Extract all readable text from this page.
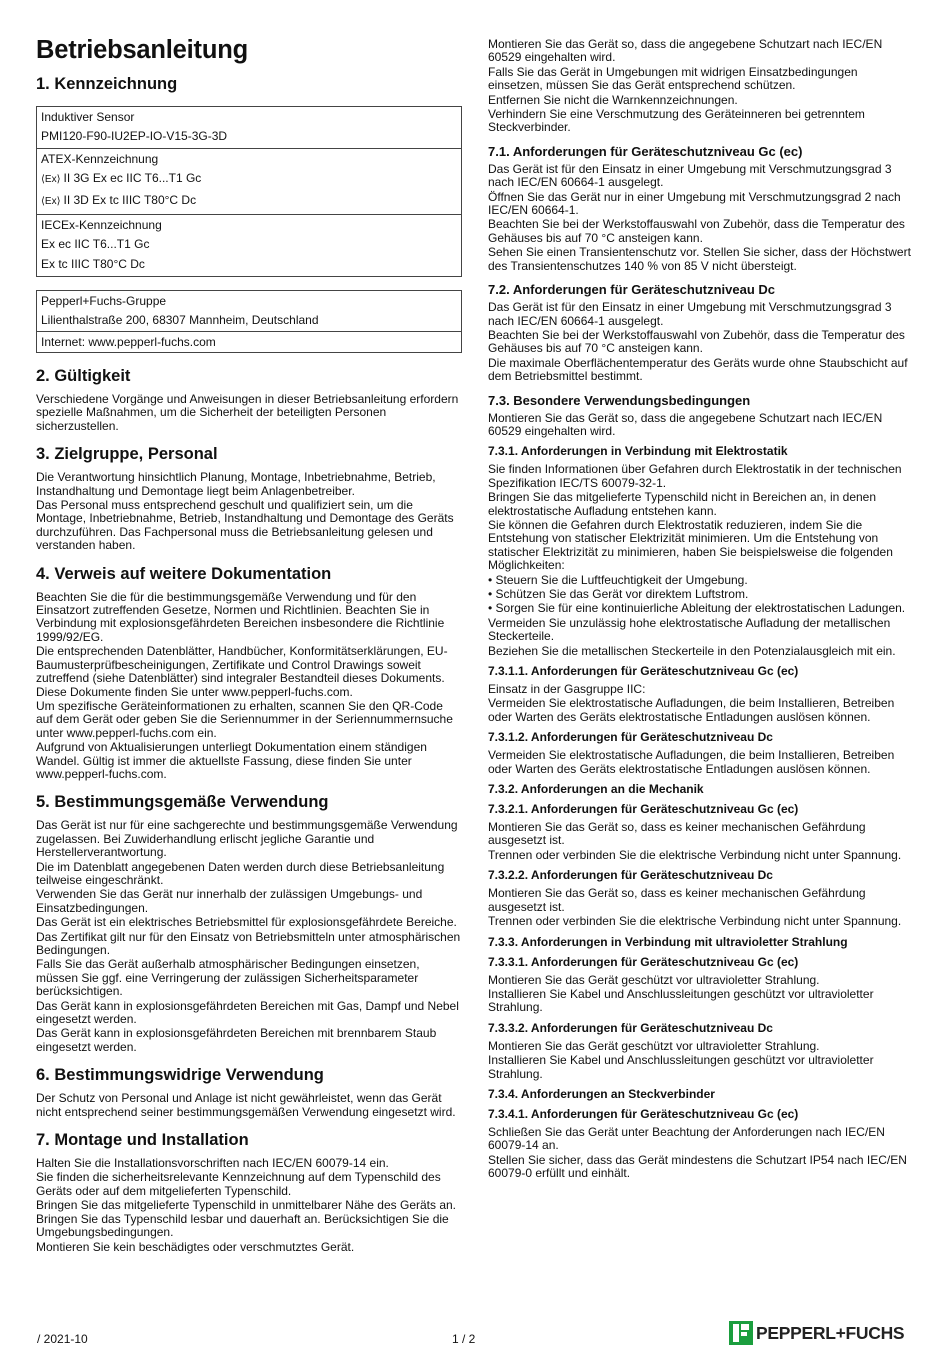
Betriebsanleitung
1. Kennzeichnung
Induktiver Sensor
PMI120-F90-IU2EP-IO-V15-3G-3D

ATEX-Kennzeichnung
⟨Ex⟩ II 3G Ex ec IIC T6...T1 Gc
⟨Ex⟩ II 3D Ex tc IIIC T80°C Dc

IECEx-Kennzeichnung
Ex ec IIC T6...T1 Gc
Ex tc IIIC T80°C Dc
Pepperl+Fuchs-Gruppe
Lilienthalstraße 200, 68307 Mannheim, Deutschland

Internet: www.pepperl-fuchs.com
2. Gültigkeit

Verschiedene Vorgänge und Anweisungen in dieser Betriebsanleitung erfordern spezielle Maßnahmen, um die Sicherheit der beteiligten Personen sicherzustellen.

3. Zielgruppe, Personal

Die Verantwortung hinsichtlich Planung, Montage, Inbetriebnahme, Betrieb, Instandhaltung und Demontage liegt beim Anlagenbetreiber.

Das Personal muss entsprechend geschult und qualifiziert sein, um die Montage, Inbetriebnahme, Betrieb, Instandhaltung und Demontage des Geräts durchzuführen. Das Fachpersonal muss die Betriebsanleitung gelesen und verstanden haben.

4. Verweis auf weitere Dokumentation

Beachten Sie die für die bestimmungsgemäße Verwendung und für den Einsatzort zutreffenden Gesetze, Normen und Richtlinien. Beachten Sie in Verbindung mit explosionsgefährdeten Bereichen insbesondere die Richtlinie 1999/92/EG.

Die entsprechenden Datenblätter, Handbücher, Konformitätserklärungen, EU-Baumusterprüfbescheinigungen, Zertifikate und Control Drawings soweit zutreffend (siehe Datenblätter) sind integraler Bestandteil dieses Dokuments. Diese Dokumente finden Sie unter www.pepperl-fuchs.com.

Um spezifische Geräteinformationen zu erhalten, scannen Sie den QR-Code auf dem Gerät oder geben Sie die Seriennummer in der Seriennummernsuche unter www.pepperl-fuchs.com ein.

Aufgrund von Aktualisierungen unterliegt Dokumentation einem ständigen Wandel. Gültig ist immer die aktuellste Fassung, diese finden Sie unter www.pepperl-fuchs.com.

5. Bestimmungsgemäße Verwendung

Das Gerät ist nur für eine sachgerechte und bestimmungsgemäße Verwendung zugelassen. Bei Zuwiderhandlung erlischt jegliche Garantie und Herstellerverantwortung.

Die im Datenblatt angegebenen Daten werden durch diese Betriebsanleitung teilweise eingeschränkt.

Verwenden Sie das Gerät nur innerhalb der zulässigen Umgebungs- und Einsatzbedingungen.

Das Gerät ist ein elektrisches Betriebsmittel für explosionsgefährdete Bereiche.

Das Zertifikat gilt nur für den Einsatz von Betriebsmitteln unter atmosphärischen Bedingungen.

Falls Sie das Gerät außerhalb atmosphärischer Bedingungen einsetzen, müssen Sie ggf. eine Verringerung der zulässigen Sicherheitsparameter berücksichtigen.

Das Gerät kann in explosionsgefährdeten Bereichen mit Gas, Dampf und Nebel eingesetzt werden.

Das Gerät kann in explosionsgefährdeten Bereichen mit brennbarem Staub eingesetzt werden.

6. Bestimmungswidrige Verwendung

Der Schutz von Personal und Anlage ist nicht gewährleistet, wenn das Gerät nicht entsprechend seiner bestimmungsgemäßen Verwendung eingesetzt wird.

7. Montage und Installation

Halten Sie die Installationsvorschriften nach IEC/EN 60079-14 ein.

Sie finden die sicherheitsrelevante Kennzeichnung auf dem Typenschild des Geräts oder auf dem mitgelieferten Typenschild.

Bringen Sie das mitgelieferte Typenschild in unmittelbarer Nähe des Geräts an. Bringen Sie das Typenschild lesbar und dauerhaft an. Berücksichtigen Sie die Umgebungsbedingungen.

Montieren Sie kein beschädigtes oder verschmutztes Gerät.

Montieren Sie das Gerät so, dass die angegebene Schutzart nach IEC/EN 60529 eingehalten wird.

Falls Sie das Gerät in Umgebungen mit widrigen Einsatzbedingungen einsetzen, müssen Sie das Gerät entsprechend schützen.

Entfernen Sie nicht die Warnkennzeichnungen.

Verhindern Sie eine Verschmutzung des Geräteinneren bei getrenntem Steckverbinder.

7.1. Anforderungen für Geräteschutzniveau Gc (ec)

Das Gerät ist für den Einsatz in einer Umgebung mit Verschmutzungsgrad 3 nach IEC/EN 60664-1 ausgelegt.

Öffnen Sie das Gerät nur in einer Umgebung mit Verschmutzungsgrad 2 nach IEC/EN 60664-1.

Beachten Sie bei der Werkstoffauswahl von Zubehör, dass die Temperatur des Gehäuses bis auf 70 °C ansteigen kann.

Sehen Sie einen Transientenschutz vor. Stellen Sie sicher, dass der Höchstwert des Transientenschutzes 140 % von 85 V nicht übersteigt.

7.2. Anforderungen für Geräteschutzniveau Dc

Das Gerät ist für den Einsatz in einer Umgebung mit Verschmutzungsgrad 3 nach IEC/EN 60664-1 ausgelegt.

Beachten Sie bei der Werkstoffauswahl von Zubehör, dass die Temperatur des Gehäuses bis auf 70 °C ansteigen kann.

Die maximale Oberflächentemperatur des Geräts wurde ohne Staubschicht auf dem Betriebsmittel bestimmt.

7.3. Besondere Verwendungsbedingungen

Montieren Sie das Gerät so, dass die angegebene Schutzart nach IEC/EN 60529 eingehalten wird.

7.3.1. Anforderungen in Verbindung mit Elektrostatik

Sie finden Informationen über Gefahren durch Elektrostatik in der technischen Spezifikation IEC/TS 60079-32-1.

Bringen Sie das mitgelieferte Typenschild nicht in Bereichen an, in denen elektrostatische Aufladung entstehen kann.

Sie können die Gefahren durch Elektrostatik reduzieren, indem Sie die Entstehung von statischer Elektrizität minimieren. Um die Entstehung von statischer Elektrizität zu minimieren, haben Sie beispielsweise die folgenden Möglichkeiten:

• Steuern Sie die Luftfeuchtigkeit der Umgebung.

• Schützen Sie das Gerät vor direktem Luftstrom.

• Sorgen Sie für eine kontinuierliche Ableitung der elektrostatischen Ladungen.

Vermeiden Sie unzulässig hohe elektrostatische Aufladung der metallischen Steckerteile.

Beziehen Sie die metallischen Steckerteile in den Potenzialausgleich mit ein.

7.3.1.1. Anforderungen für Geräteschutzniveau Gc (ec)

Einsatz in der Gasgruppe IIC:

Vermeiden Sie elektrostatische Aufladungen, die beim Installieren, Betreiben oder Warten des Geräts elektrostatische Entladungen auslösen können.

7.3.1.2. Anforderungen für Geräteschutzniveau Dc

Vermeiden Sie elektrostatische Aufladungen, die beim Installieren, Betreiben oder Warten des Geräts elektrostatische Entladungen auslösen können.

7.3.2. Anforderungen an die Mechanik
7.3.2.1. Anforderungen für Geräteschutzniveau Gc (ec)

Montieren Sie das Gerät so, dass es keiner mechanischen Gefährdung ausgesetzt ist.

Trennen oder verbinden Sie die elektrische Verbindung nicht unter Spannung.

7.3.2.2. Anforderungen für Geräteschutzniveau Dc

Montieren Sie das Gerät so, dass es keiner mechanischen Gefährdung ausgesetzt ist.

Trennen oder verbinden Sie die elektrische Verbindung nicht unter Spannung.

7.3.3. Anforderungen in Verbindung mit ultravioletter Strahlung
7.3.3.1. Anforderungen für Geräteschutzniveau Gc (ec)

Montieren Sie das Gerät geschützt vor ultravioletter Strahlung.

Installieren Sie Kabel und Anschlussleitungen geschützt vor ultravioletter Strahlung.

7.3.3.2. Anforderungen für Geräteschutzniveau Dc

Montieren Sie das Gerät geschützt vor ultravioletter Strahlung.

Installieren Sie Kabel und Anschlussleitungen geschützt vor ultravioletter Strahlung.

7.3.4. Anforderungen an Steckverbinder
7.3.4.1. Anforderungen für Geräteschutzniveau Gc (ec)

Schließen Sie das Gerät unter Beachtung der Anforderungen nach IEC/EN 60079-14 an.

Stellen Sie sicher, dass das Gerät mindestens die Schutzart IP54 nach IEC/EN 60079-0 erfüllt und einhält.

/ 2021-10	1 / 2	PEPPERL+FUCHS
